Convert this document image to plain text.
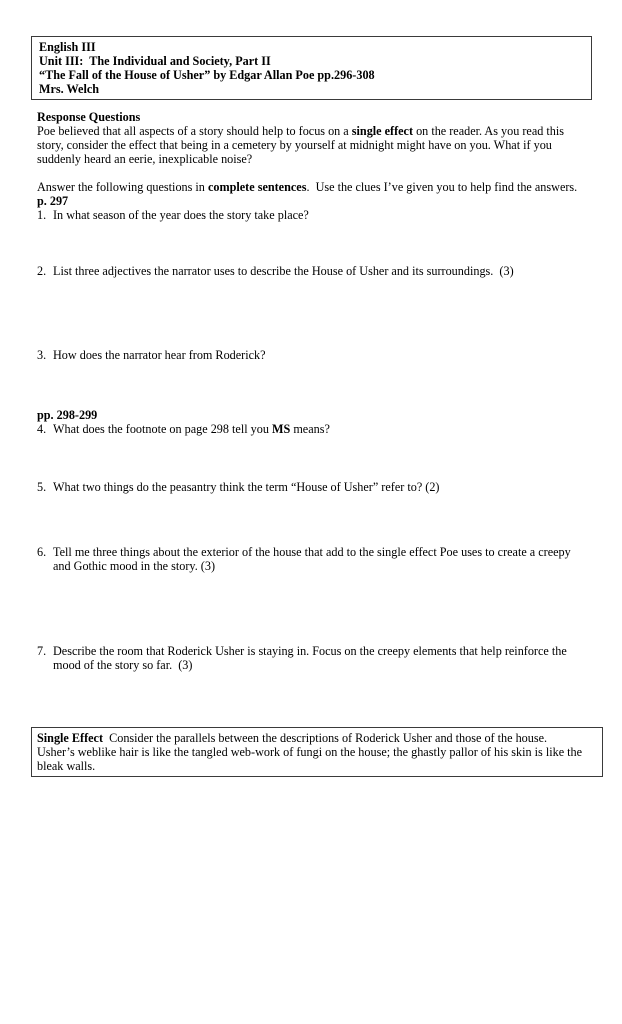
English III
Unit III:  The Individual and Society, Part II
“The Fall of the House of Usher” by Edgar Allan Poe pp.296-308
Mrs. Welch
Response Questions
Poe believed that all aspects of a story should help to focus on a single effect on the reader. As you read this
story, consider the effect that being in a cemetery by yourself at midnight might have on you. What if you
suddenly heard an eerie, inexplicable noise?
Answer the following questions in complete sentences.  Use the clues I’ve given you to help find the answers.
p. 297
1. In what season of the year does the story take place?
2. List three adjectives the narrator uses to describe the House of Usher and its surroundings.  (3)
3. How does the narrator hear from Roderick?
pp. 298-299
4. What does the footnote on page 298 tell you MS means?
5. What two things do the peasantry think the term “House of Usher” refer to? (2)
6. Tell me three things about the exterior of the house that add to the single effect Poe uses to create a creepy
and Gothic mood in the story. (3)
7. Describe the room that Roderick Usher is staying in. Focus on the creepy elements that help reinforce the
mood of the story so far.  (3)
Single Effect  Consider the parallels between the descriptions of Roderick Usher and those of the house.
Usher’s weblike hair is like the tangled web-work of fungi on the house; the ghastly pallor of his skin is like the
bleak walls.
